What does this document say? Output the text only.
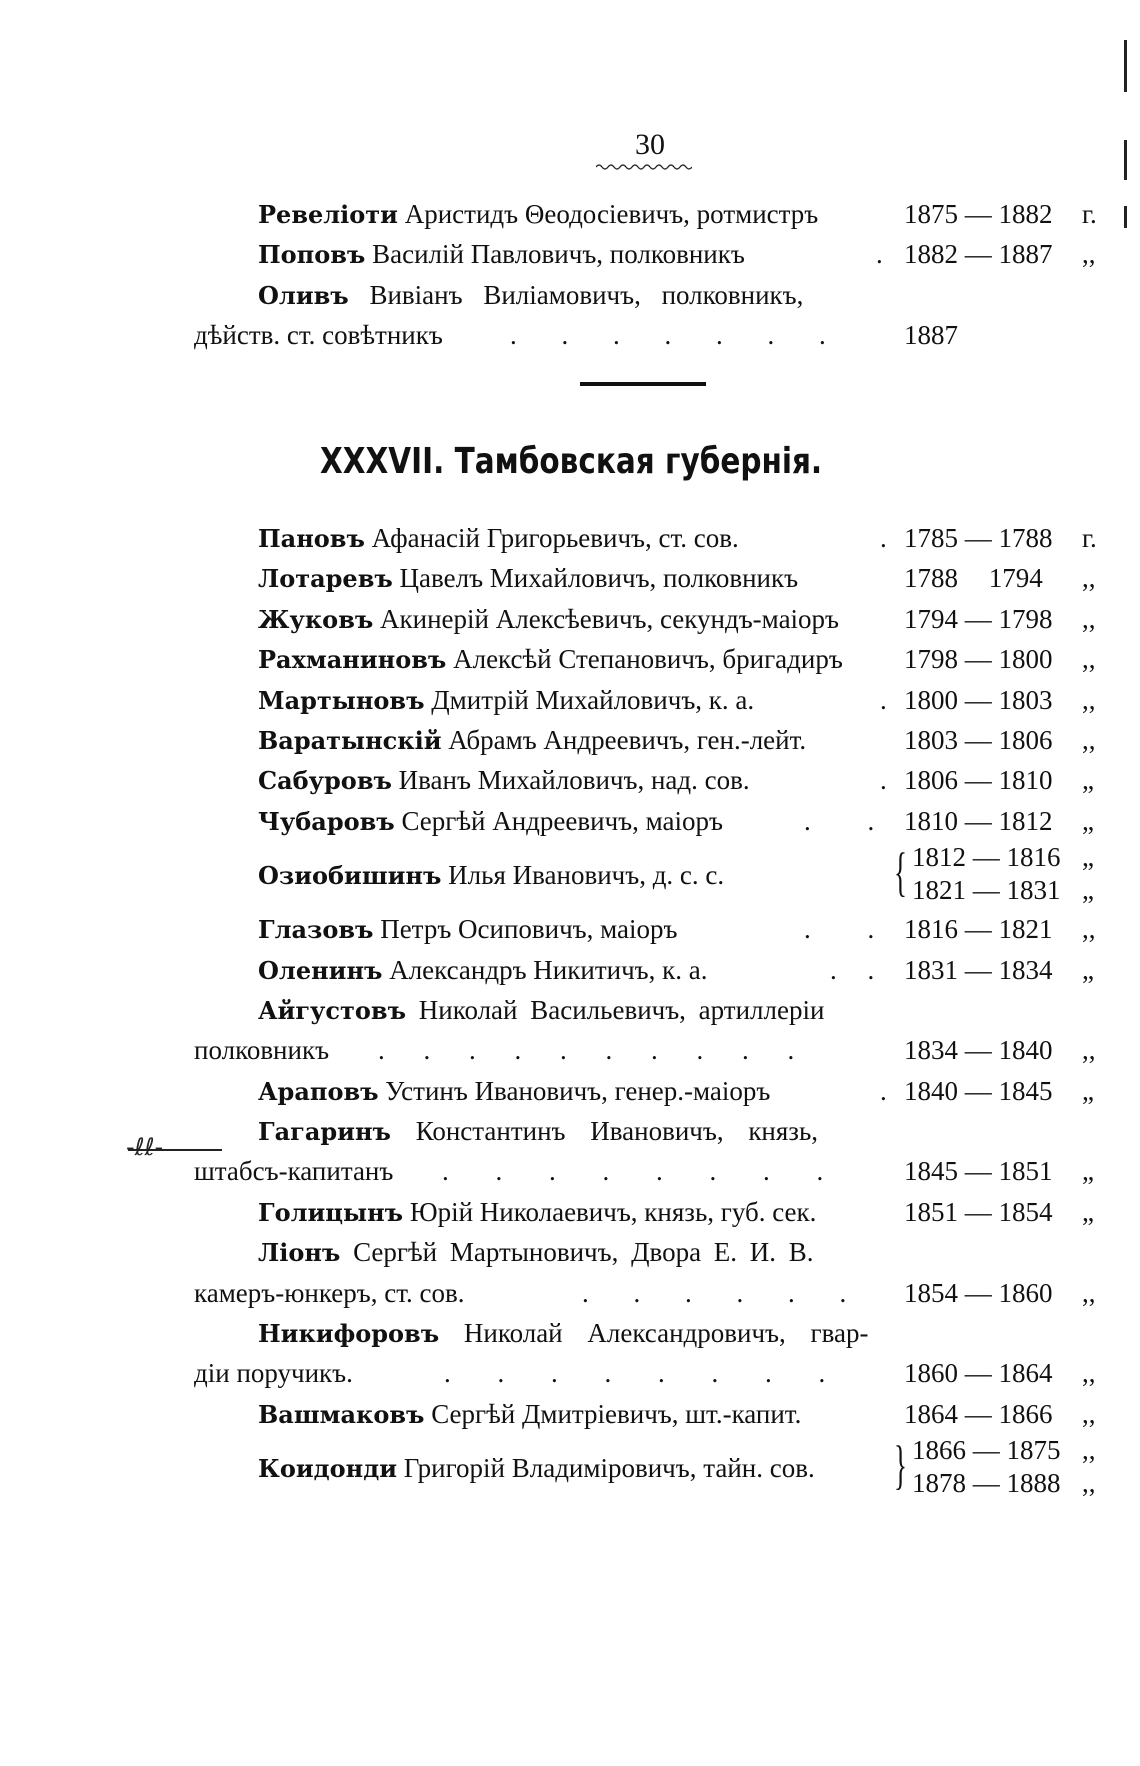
30
Ревеліоти Аристидъ Θеодосіевичъ, ротмистръ	1875 — 1882	г.
Поповъ Василій Павловичъ, полковникъ	. 1882 — 1887	,,
Оливъ Вивіанъ Виліамовичъ, полковникъ,
дѣйств. ст. совѣтникъ	. . . . . . .	1887
XXXVII. Тамбовская губернія.
Пановъ Афанасій Григорьевичъ, ст. сов.	. 1785 — 1788	г.
Лотаревъ Цавелъ Михайловичъ, полковникъ	1788 1794	,,
Жуковъ Акинерій Алексѣевичъ, секундъ-маіоръ	1794 — 1798	,,
Рахманиновъ Алексѣй Степановичъ, бригадиръ	1798 — 1800	,,
Мартыновъ Дмитрій Михайловичъ, к. а.	. 1800 — 1803	,,
Варатынскій Абрамъ Андреевичъ, ген.-лейт.	1803 — 1806	,,
Сабуровъ Иванъ Михайловичъ, над. сов.	. 1806 — 1810	„
Чубаровъ Сергѣй Андреевичъ, маіоръ	. . 1810 — 1812	„
Озиобишинъ Илья Ивановичъ, д. с. с.	{ 1812 — 1816 „
1821 — 1831 „
Глазовъ Петръ Осиповичъ, маіоръ	. . 1816 — 1821	,,
Оленинъ Александръ Никитичъ, к. а.	. . 1831 — 1834	„
Айгустовъ Николай Васильевичъ, артиллеріи
полковникъ	. . . . . . . . . .	1834 — 1840	,,
Араповъ Устинъ Ивановичъ, генер.-маіоръ	. 1840 — 1845	„
Гагаринъ Константинъ Ивановичъ, князь,
штабсъ-капитанъ	. . . . . . . .	1845 — 1851	„
Голицынъ Юрій Николаевичъ, князь, губ. сек.	1851 — 1854	„
Ліонъ Сергѣй Мартыновичъ, Двора Е. И. В.
камеръ-юнкеръ, ст. сов.	. . . . . . 1854 — 1860	,,
Никифоровъ Николай Александровичъ, гвар-
діи поручикъ.	. . . . . . . .	1860 — 1864	,,
Вашмаковъ Сергѣй Дмитріевичъ, шт.-капит.	1864 — 1866	,,
Коидонди Григорій Владиміровичъ, тайн. сов.	} 1866 — 1875 ,,
1878 — 1888 ,,
-ℓℓ-
